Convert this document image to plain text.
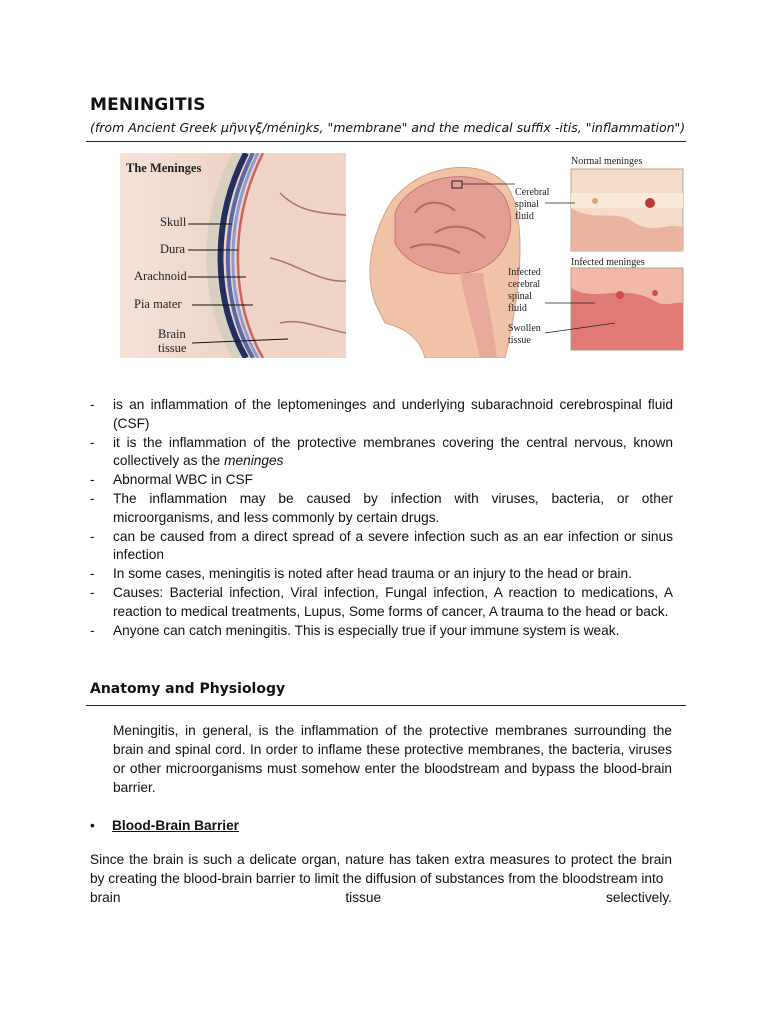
MENINGITIS
(from Ancient Greek μῆνιγξ/méniŋks, "membrane" and the medical suffix -itis, "inflammation")
The Meninges
Skull
Dura
Arachnoid
Pia mater
Brain
tissue
Normal meninges
Infected meninges
Cerebral
spinal
fluid
Infected
cerebral
spinal
fluid
Swollen
tissue
- is an inflammation of the leptomeninges and underlying subarachnoid cerebrospinal fluid (CSF)
- it is the inflammation of the protective membranes covering the central nervous, known collectively as the meninges
- Abnormal WBC in CSF
- The inflammation may be caused by infection with viruses, bacteria, or other microorganisms, and less commonly by certain drugs.
- can be caused from a direct spread of a severe infection such as an ear infection or sinus infection
- In some cases, meningitis is noted after head trauma or an injury to the head or brain.
- Causes: Bacterial infection, Viral infection, Fungal infection, A reaction to medications, A reaction to medical treatments, Lupus, Some forms of cancer, A trauma to the head or back.
- Anyone can catch meningitis. This is especially true if your immune system is weak.
Anatomy and Physiology
Meningitis, in general, is the inflammation of the protective membranes surrounding the brain and spinal cord. In order to inflame these protective membranes, the bacteria, viruses or other microorganisms must somehow enter the bloodstream and bypass the blood-brain barrier.
• Blood-Brain Barrier
Since the brain is such a delicate organ, nature has taken extra measures to protect the brain by creating the blood-brain barrier to limit the diffusion of substances from the bloodstream into
brain	tissue	selectively.
